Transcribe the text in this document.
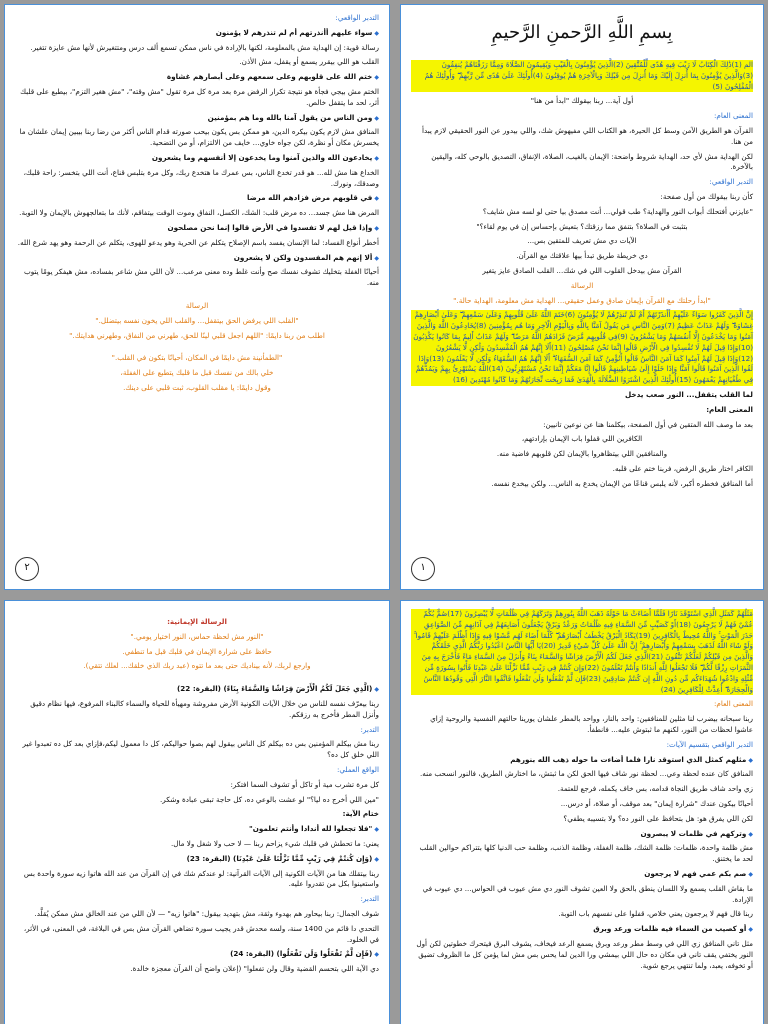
بِسمِ اللَّهِ الرَّحمنِ الرَّحيمِ

الم (1)ذَٰلِكَ الْكِتَابُ لَا رَيْبَ فِيهِ هُدًى لِّلْمُتَّقِينَ (2)الَّذِينَ يُؤْمِنُونَ بِالْغَيْبِ وَيُقِيمُونَ الصَّلَاةَ وَمِمَّا رَزَقْنَاهُمْ يُنفِقُونَ (3)وَالَّذِينَ يُؤْمِنُونَ بِمَا أُنزِلَ إِلَيْكَ وَمَا أُنزِلَ مِن قَبْلِكَ وَبِالْآخِرَةِ هُمْ يُوقِنُونَ (4)أُولَٰئِكَ عَلَىٰ هُدًى مِّن رَّبِّهِمْ ۖ وَأُولَٰئِكَ هُمُ الْمُفْلِحُونَ (5)

أول آية... ربنا بيقولك "ابدأ من هنا"

المعنى العام:

القرآن هو الطريق الآمن وسط كل الحيرة، هو الكتاب اللي مفيهوش شك، واللي بيدور عن النور الحقيقي لازم يبدأ من هنا.

لكن الهداية مش لأي حد، الهداية شروط واضحة: الإيمان بالغيب، الصلاة، الإنفاق، التصديق بالوحي كله، واليقين بالآخرة.

التدبر الواقعي:

كأن ربنا بيقولك من أول صفحة:

"عايزني أفتحلك أبواب النور والهداية؟ طب قولي... أنت مصدق بيا حتى لو لسه مش شايف؟

بتثبت في الصلاة؟ بتنفق مما رزقتك؟ بتعيش بإحساس إن في يوم لقاء؟"

الآيات دي مش تعريف للمتقين بس...

دي خريطة طريق تبدأ بيها علاقتك مع القرآن.

القرآن مش بيدخل القلوب اللي في شك... القلب الصادق عايز يتغير

الرسالة

"ابدأ رحلتك مع القرآن بإيمان صادق وعمل حقيقي... الهداية مش معلومة، الهداية حالة."

إِنَّ الَّذِينَ كَفَرُوا سَوَاءٌ عَلَيْهِمْ أَأَنذَرْتَهُمْ أَمْ لَمْ تُنذِرْهُمْ لَا يُؤْمِنُونَ (6)خَتَمَ اللَّهُ عَلَىٰ قُلُوبِهِمْ وَعَلَىٰ سَمْعِهِمْ ۖ وَعَلَىٰ أَبْصَارِهِمْ غِشَاوَةٌ ۖ وَلَهُمْ عَذَابٌ عَظِيمٌ (7)وَمِنَ النَّاسِ مَن يَقُولُ آمَنَّا بِاللَّهِ وَبِالْيَوْمِ الْآخِرِ وَمَا هُم بِمُؤْمِنِينَ (8)يُخَادِعُونَ اللَّهَ وَالَّذِينَ آمَنُوا وَمَا يَخْدَعُونَ إِلَّا أَنفُسَهُمْ وَمَا يَشْعُرُونَ (9)فِي قُلُوبِهِم مَّرَضٌ فَزَادَهُمُ اللَّهُ مَرَضًا ۖ وَلَهُمْ عَذَابٌ أَلِيمٌ بِمَا كَانُوا يَكْذِبُونَ (10)وَإِذَا قِيلَ لَهُمْ لَا تُفْسِدُوا فِي الْأَرْضِ قَالُوا إِنَّمَا نَحْنُ مُصْلِحُونَ (11)أَلَا إِنَّهُمْ هُمُ الْمُفْسِدُونَ وَلَٰكِن لَّا يَشْعُرُونَ (12)وَإِذَا قِيلَ لَهُمْ آمِنُوا كَمَا آمَنَ النَّاسُ قَالُوا أَنُؤْمِنُ كَمَا آمَنَ السُّفَهَاءُ ۗ أَلَا إِنَّهُمْ هُمُ السُّفَهَاءُ وَلَٰكِن لَّا يَعْلَمُونَ (13)وَإِذَا لَقُوا الَّذِينَ آمَنُوا قَالُوا آمَنَّا وَإِذَا خَلَوْا إِلَىٰ شَيَاطِينِهِمْ قَالُوا إِنَّا مَعَكُمْ إِنَّمَا نَحْنُ مُسْتَهْزِئُونَ (14)اللَّهُ يَسْتَهْزِئُ بِهِمْ وَيَمُدُّهُمْ فِي طُغْيَانِهِمْ يَعْمَهُونَ (15)أُولَٰئِكَ الَّذِينَ اشْتَرَوُا الضَّلَالَةَ بِالْهُدَىٰ فَمَا رَبِحَت تِّجَارَتُهُمْ وَمَا كَانُوا مُهْتَدِينَ (16)

لما القلب يتقفل... النور صعب يدخل

المعنى العام:

بعد ما وصف الله المتقين في أول الصفحة، بيكلمنا هنا عن نوعين تانيين:

الكافرين اللي قفلوا باب الإيمان بإرادتهم،

والمنافقين اللي بيتظاهروا بالإيمان لكن قلوبهم فاضية منه.

الكافر اختار طريق الرفض، فربنا ختم على قلبه.

أما المنافق فخطره أكبر، لأنه يلبس قناعًا من الإيمان يخدع به الناس... ولكن بيخدع نفسه.

١

التدبر الواقعي:

◆ سواء عليهم أأنذرتهم أم لم تنذرهم لا يؤمنون

رسالة قوية: إن الهداية مش بالمعلومة، لكنها بالإرادة في ناس ممكن تسمع ألف درس ومتتغيرش لأنها مش عايزة تتغير.

القلب هو اللي بيقرر يسمع أو يقفل، مش الأذن.

◆ ختم الله على قلوبهم وعلى سمعهم وعلى أبصارهم غشاوة

الختم مش بيجي فجأة هو نتيجة تكرار الرفض مرة بعد مرة كل مرة تقول "مش وقته"، "مش هغير التزم"، بيطبع على قلبك أثر، لحد ما يتقفل خالص.

◆ ومن الناس من يقول آمنا بالله وما هم بمؤمنين

المنافق مش لازم يكون بيكره الدين، هو ممكن بس يكون بيحب صورته قدام الناس أكثر من رضا ربنا بيبين إيمان علشان ما يخسرش مكان أو نظرة، لكن جواه خاوي... خايف من الالتزام، أو من التضحية.

◆ يخادعون الله والذين آمنوا وما يخدعون إلا أنفسهم وما يشعرون

الخداع هنا مش لله... هو قدر تخدع الناس، بس عمرك ما هتخدع ربك، وكل مرة بتلبس قناع، أنت اللي بتخسر: راحة قلبك، وصدقك، ونورك.

◆ في قلوبهم مرض فزادهم الله مرضا

المرض هنا مش جسد... ده مرض قلب: الشك، الكسل، النفاق وموت الوقت بيتفاقم، لأنك ما بتعالجهوش بالإيمان ولا التوبة.

◆ وإذا قيل لهم لا تفسدوا في الأرض قالوا إنما نحن مصلحون

أخطر أنواع الفساد: لما الإنسان يفسد باسم الإصلاح يتكلم عن الحرية وهو يدعو للهوى، يتكلم عن الرحمة وهو يهد شرع الله.

◆ ألا إنهم هم المفسدون ولكن لا يشعرون

أحيانًا الغفلة بتخليك تشوف نفسك صح وأنت غلط وده معنى مرعب... لأن اللي مش شاعر بفساده، مش هيفكر يومًا يتوب منه.

الرسالة

"القلب اللي يرفض الحق بيتقفل... والقلب اللي يخون نفسه بيتضلل."

اطلب من ربنا دايمًا: "اللهم اجعل قلبي لينًا للحق، طهرني من النفاق، وطهرني هدايتك."

"الطمأنينة مش دايمًا في المكان، أحيانًا بتكون في القلب."

خلي بالك من نفسك قبل ما قلبك يتطبع على الغفلة،

وقول دايمًا: يا مقلب القلوب، ثبت قلبي على دينك.

٢

مَثَلُهُمْ كَمَثَلِ الَّذِي اسْتَوْقَدَ نَارًا فَلَمَّا أَضَاءَتْ مَا حَوْلَهُ ذَهَبَ اللَّهُ بِنُورِهِمْ وَتَرَكَهُمْ فِي ظُلُمَاتٍ لَّا يُبْصِرُونَ (17)صُمٌّ بُكْمٌ عُمْيٌ فَهُمْ لَا يَرْجِعُونَ (18)أَوْ كَصَيِّبٍ مِّنَ السَّمَاءِ فِيهِ ظُلُمَاتٌ وَرَعْدٌ وَبَرْقٌ يَجْعَلُونَ أَصَابِعَهُمْ فِي آذَانِهِم مِّنَ الصَّوَاعِقِ حَذَرَ الْمَوْتِ ۚ وَاللَّهُ مُحِيطٌ بِالْكَافِرِينَ (19)يَكَادُ الْبَرْقُ يَخْطَفُ أَبْصَارَهُمْ ۖ كُلَّمَا أَضَاءَ لَهُم مَّشَوْا فِيهِ وَإِذَا أَظْلَمَ عَلَيْهِمْ قَامُوا ۚ وَلَوْ شَاءَ اللَّهُ لَذَهَبَ بِسَمْعِهِمْ وَأَبْصَارِهِمْ ۚ إِنَّ اللَّهَ عَلَىٰ كُلِّ شَيْءٍ قَدِيرٌ (20)يَا أَيُّهَا النَّاسُ اعْبُدُوا رَبَّكُمُ الَّذِي خَلَقَكُمْ وَالَّذِينَ مِن قَبْلِكُمْ لَعَلَّكُمْ تَتَّقُونَ (21)الَّذِي جَعَلَ لَكُمُ الْأَرْضَ فِرَاشًا وَالسَّمَاءَ بِنَاءً وَأَنزَلَ مِنَ السَّمَاءِ مَاءً فَأَخْرَجَ بِهِ مِنَ الثَّمَرَاتِ رِزْقًا لَّكُمْ ۖ فَلَا تَجْعَلُوا لِلَّهِ أَندَادًا وَأَنتُمْ تَعْلَمُونَ (22)وَإِن كُنتُمْ فِي رَيْبٍ مِّمَّا نَزَّلْنَا عَلَىٰ عَبْدِنَا فَأْتُوا بِسُورَةٍ مِّن مِّثْلِهِ وَادْعُوا شُهَدَاءَكُم مِّن دُونِ اللَّهِ إِن كُنتُمْ صَادِقِينَ (23)فَإِن لَّمْ تَفْعَلُوا وَلَن تَفْعَلُوا فَاتَّقُوا النَّارَ الَّتِي وَقُودُهَا النَّاسُ وَالْحِجَارَةُ ۖ أُعِدَّتْ لِلْكَافِرِينَ (24)

المعنى العام:

ربنا سبحانه بيضرب لنا مثلين للمنافقين: واحد بالنار، وواحد بالمطر علشان يورينا حالتهم النفسية والروحية إزاي عاشوا لحظات من النور، لكنهم ما ثبتوش عليه... فانطفأ.

التدبر الواقعي بتقسيم الآيات:

◆ مثلهم كمثل الذي استوقد نارا فلما أضاءت ما حوله ذهب الله بنورهم

المنافق كان عنده لحظة وعي... لحظة نور شاف فيها الحق لكن ما ثبتش، ما اختارش الطريق، فالنور انسحب منه.

زي واحد شاف طريق النجاة قدامه، بس خاف يكمله، فرجع للعتمة.

أحيانًا بيكون عندك "شرارة إيمان" بعد موقف، أو صلاة، أو درس...

لكن اللي يفرق هو: هل بتحافظ على النور ده؟ ولا بتسيبه يطفي؟

◆ وتركهم في ظلمات لا يبصرون

مش ظلمة واحدة، ظلمات: ظلمة الشك، ظلمة الغفلة، وظلمة الذنب، وظلمة حب الدنيا كلها بتتراكم حوالين القلب لحد ما يختنق.

◆ صم بكم عمي فهم لا يرجعون

ما بقاش القلب يسمع ولا اللسان ينطق بالحق ولا العين تشوف النور دي مش عيوب في الحواس... دي عيوب في الإرادة.

ربنا قال فهم لا يرجعون يعني خلاص، قفلوا على نفسهم باب التوبة.

◆ أو كصيب من السماء فيه ظلمات ورعد وبرق

مثل تاني المنافق زي اللي في وسط مطر ورعد وبرق يسمع الرعد فيخاف، يشوف البرق فيتحرك خطوتين لكن أول النور يختفي يقف تاني في مكان ده حال اللي بيمشي ورا الدين لما يحس بس مش لما يؤمن كل ما الظروف تضيق أو تخوفه، يعبد، ولما تنتهي يرجع شوية.

الرسالة الإيمانية:

"النور مش لحظة حماس، النور اختيار يومي."

حافظ على شرارة الإيمان في قلبك قبل ما تنطفي.

وارجع لربك، لأنه بيناديك حتى بعد ما تتوه (عبد ربك الذي خلقك... لعلك تتقي).

◆ (الَّذِي جَعَلَ لَكُمُ الْأَرْضَ فِرَاشًا وَالسَّمَاءَ بِنَاءً) (البقرة: 22)

ربنا بيعرّف نفسه للناس من خلال الآيات الكونية الأرض مفروشة ومهيأة للحياة والسماء كالبناء المرفوع، فيها نظام دقيق وأنزل المطر فأخرج به رزقكم.

التدبر:

ربنا مش بيكلم المؤمنين بس ده بيكلم كل الناس بيقول لهم بصوا حواليكم، كل دا معمول ليكم،فإزاي بعد كل ده تعبدوا غير اللي خلق كل ده؟

الواقع العملي:

كل مرة تشرب مية أو تاكل أو تشوف السما افتكر:

"مين اللي أخرج ده ليا؟" لو عشت بالوعي ده، كل حاجة تبقى عبادة وشكر.

ختام الآية:

◆ "فلا تجعلوا لله أندادا وأنتم تعلمون"

يعني: ما تحطش في قلبك شيء يزاحم ربنا — لا حب ولا شغل ولا مال.

◆ (وَإِن كُنتُمْ فِي رَيْبٍ مِّمَّا نَزَّلْنَا عَلَىٰ عَبْدِنَا) (البقرة: 23)

ربنا بيتقلك هنا من الآيات الكونية إلى الآيات القرآنية: لو عندكم شك في إن القرآن من عند الله هاتوا زيه سورة واحدة بس واستعينوا بكل من تقدروا عليه.

التدبر:

شوف الجمال: ربنا بيحاور هم بهدوء وثقة، مش بتهديد بيقول: "هاتوا زيه" — لأن اللي من عند الخالق مش ممكن يُقلَّد.

التحدي دا قائم من 1400 سنة، ولسه محدش قدر يجيب سورة تضاهي القرآن مش بس في البلاغة، في المعنى، في الأثر، في الخلود.

◆ (فَإِن لَّمْ تَفْعَلُوا وَلَن تَفْعَلُوا) (البقرة: 24)

دي الآية اللي بتحسم القضية وقال ولن تفعلوا" (إعلان واضح أن القرآن معجزة خالدة.
